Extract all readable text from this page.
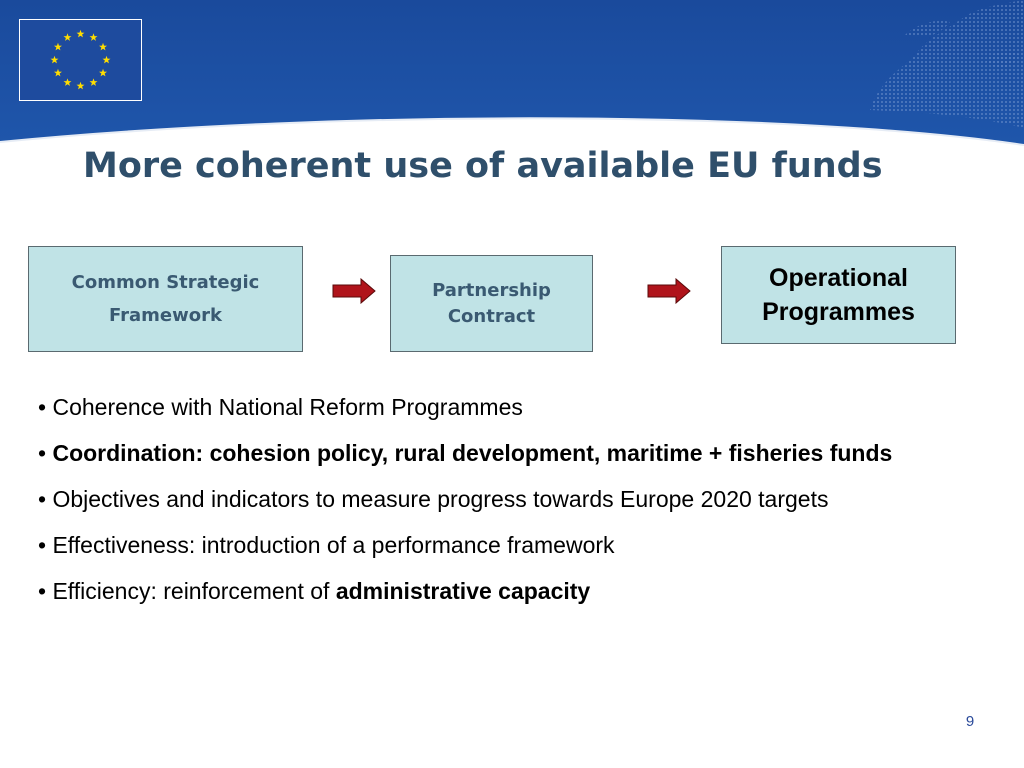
More coherent use of available EU funds
Common Strategic
Framework
Partnership
Contract
Operational
Programmes
• Coherence with National Reform Programmes
• Coordination: cohesion policy, rural development, maritime + fisheries funds
• Objectives and indicators to measure progress towards Europe 2020 targets
• Effectiveness: introduction of a performance framework
• Efficiency: reinforcement of administrative capacity
9
